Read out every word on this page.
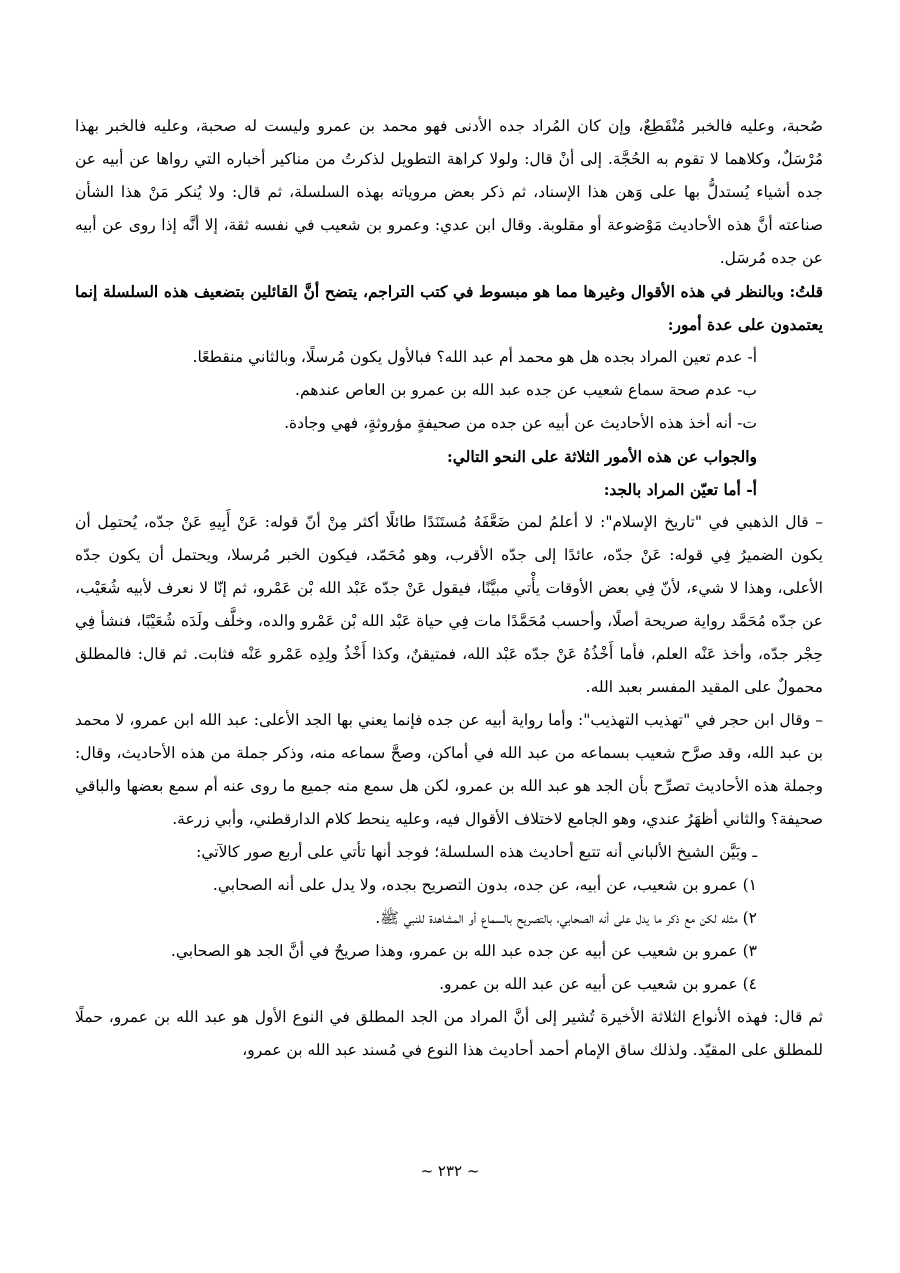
صُحبة، وعليه فالخبر مُنْقَطِعٌ، وإن كان المُراد جده الأدنى فهو محمد بن عمرو وليست له صحبة، وعليه فالخبر بهذا مُرْسَلٌ، وكلاهما لا تقوم به الحُجَّة. إلى أنْ قال: ولولا كراهة التطويل لذكرتُ من مناكير أخباره التي رواها عن أبيه عن جده أشياء يُستدلُّ بها على وَهن هذا الإسناد، ثم ذكر بعض مروياته بهذه السلسلة، ثم قال: ولا يُنكر مَنْ هذا الشأن صناعته أنَّ هذه الأحاديث مَوْضوعة أو مقلوبة. وقال ابن عدي: وعمرو بن شعيب في نفسه ثقة، إلا أنَّه إذا روى عن أبيه عن جده مُرسَل.

قلتُ: وبالنظر في هذه الأقوال وغيرها مما هو مبسوط في كتب التراجم، يتضح أنَّ القائلين بتضعيف هذه السلسلة إنما يعتمدون على عدة أمور:

أ- عدم تعين المراد بجده هل هو محمد أم عبد الله؟ فبالأول يكون مُرسلًا، وبالثاني منقطعًا.

ب- عدم صحة سماع شعيب عن جده عبد الله بن عمرو بن العاص عندهم.

ت- أنه أخذ هذه الأحاديث عن أبيه عن جده من صحيفةٍ مؤروثةٍ، فهي وجادة.

والجواب عن هذه الأمور الثلاثة على النحو التالي:

أ- أما تعيّن المراد بالجد:

– قال الذهبي في "تاريخ الإسلام": لا أعلمُ لمن ضَعَّفَهُ مُستَنَدًا طائلًا أكثر مِنْ أنّ قوله: عَنْ أَبِيهِ عَنْ جدّه، يُحتمِل أن يكون الضميرُ فِي قوله: عَنْ جدّه، عائدًا إلى جدّه الأقرب، وهو مُحَمّد، فيكون الخبر مُرسلا، ويحتمل أن يكون جدّه الأعلى، وهذا لا شيء، لأنّ فِي بعض الأوقات يأْتي مبيَّنًا، فيقول عَنْ جدّه عَبْد الله بْن عَمْرو، ثم إنّا لا نعرف لأبيه شُعَيْب، عن جدّه مُحَمَّد رواية صريحة أصلًا، وأحسب مُحَمَّدًا مات فِي حياة عَبْد الله بْن عَمْرو والده، وخلَّف ولَدَه شُعَيْبًا، فنشأ فِي حِجْر جدّه، وأخذ عَنْه العلم، فأما أَخْذُهُ عَنْ جدّه عَبْد الله، فمتيقنٌ، وكذا أَخْذُ ولِدِه عَمْرو عَنْه فثابت. ثم قال: فالمطلق محمولٌ على المقيد المفسر بعبد الله.

– وقال ابن حجر في "تهذيب التهذيب": وأما رواية أبيه عن جده فإنما يعني بها الجد الأعلى: عبد الله ابن عمرو، لا محمد بن عبد الله، وقد صرَّح شعيب بسماعه من عبد الله في أماكن، وصحَّ سماعه منه، وذكر جملة من هذه الأحاديث، وقال: وجملة هذه الأحاديث تصرِّح بأن الجد هو عبد الله بن عمرو، لكن هل سمع منه جميع ما روى عنه أم سمع بعضها والباقي صحيفة؟ والثاني أظهَرُ عندي، وهو الجامع لاختلاف الأقوال فيه، وعليه ينحط كلام الدارقطني، وأبي زرعة.

ـ وبَيَّن الشيخ الألباني أنه تتبع أحاديث هذه السلسلة؛ فوجد أنها تأتي على أربع صور كالآتي:

١) عمرو بن شعيب، عن أبيه، عن جده، بدون التصريح بجده، ولا يدل على أنه الصحابي.

٢) مثله لكن مع ذكر ما يدل على أنه الصحابي، بالتصريح بالسماع أو المشاهدة للنبي ﷺ.

٣) عمرو بن شعيب عن أبيه عن جده عبد الله بن عمرو، وهذا صريحٌ في أنَّ الجد هو الصحابي.

٤) عمرو بن شعيب عن أبيه عن عبد الله بن عمرو.

ثم قال: فهذه الأنواع الثلاثة الأخيرة تُشير إلى أنَّ المراد من الجد المطلق في النوع الأول هو عبد الله بن عمرو، حملًا للمطلق على المقيّد. ولذلك ساق الإمام أحمد أحاديث هذا النوع في مُسند عبد الله بن عمرو،

~ ٢٣٢ ~
